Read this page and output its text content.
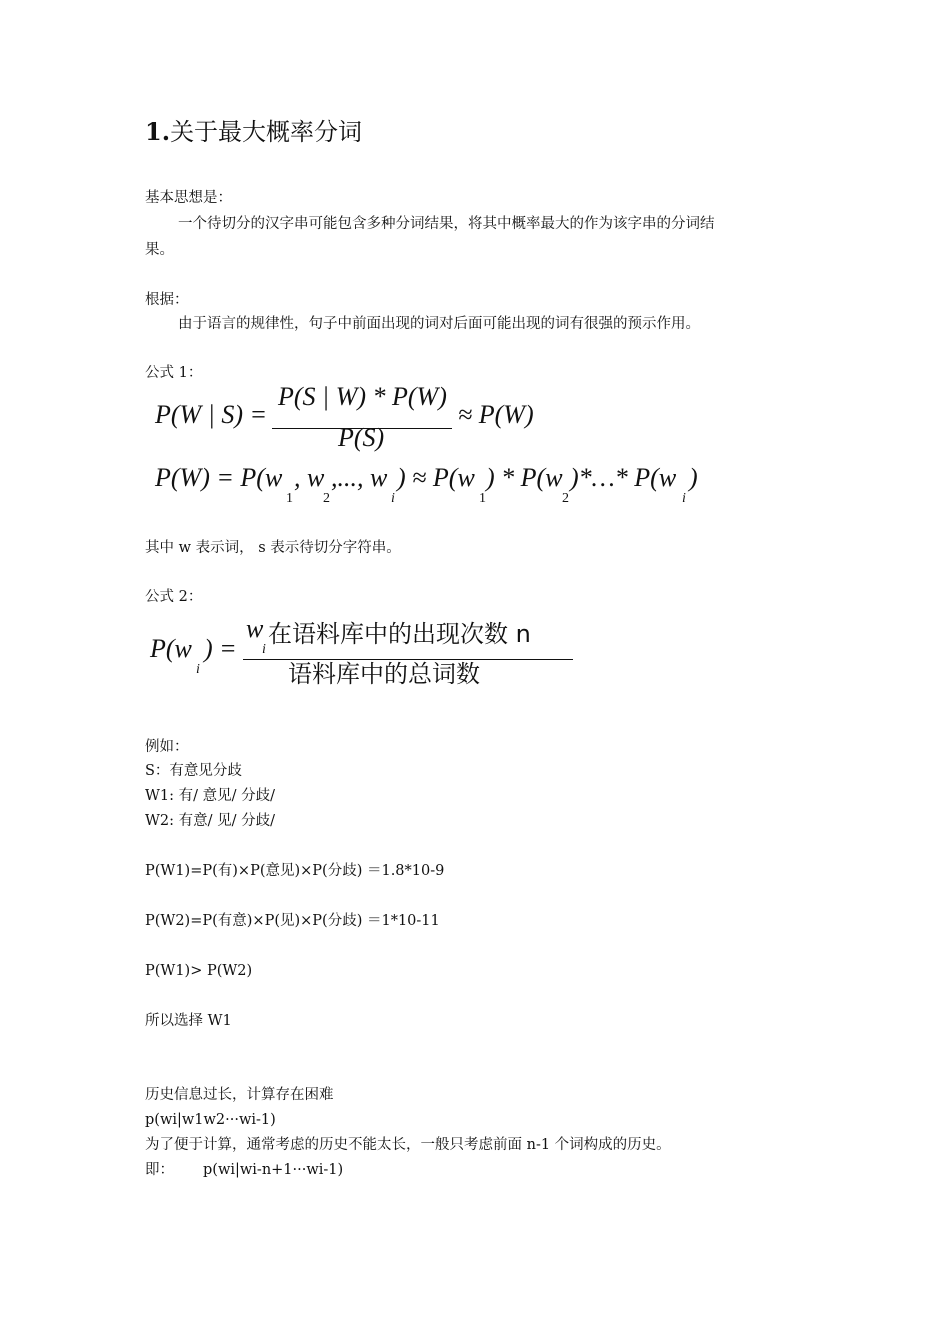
1.关于最大概率分词
基本思想是：
一个待切分的汉字串可能包含多种分词结果，将其中概率最大的作为该字串的分词结
果。
根据：
由于语言的规律性，句子中前面出现的词对后面可能出现的词有很强的预示作用。
公式 1：
P(W | S) =
P(S | W) * P(W)
P(S)
≈ P(W)
P(W) = P(w
1
, w
2
,..., w
i
) ≈ P(w
1
) * P(w
2
)*…* P(w
i
)
其中 w 表示词， s 表示待切分字符串。
公式 2：
P(w
i
) =
w
i
在语料库中的出现次数 n
语料库中的总词数
例如：
S：有意见分歧
W1: 有/ 意见/ 分歧/
W2: 有意/ 见/ 分歧/
P(W1)=P(有)×P(意见)×P(分歧) ＝1.8*10-9
P(W2)=P(有意)×P(见)×P(分歧) ＝1*10-11
P(W1)> P(W2)
所以选择 W1
历史信息过长，计算存在困难
p(wi|w1w2···wi-1)
为了便于计算，通常考虑的历史不能太长，一般只考虑前面 n-1 个词构成的历史。
即： p(wi|wi-n+1···wi-1)
